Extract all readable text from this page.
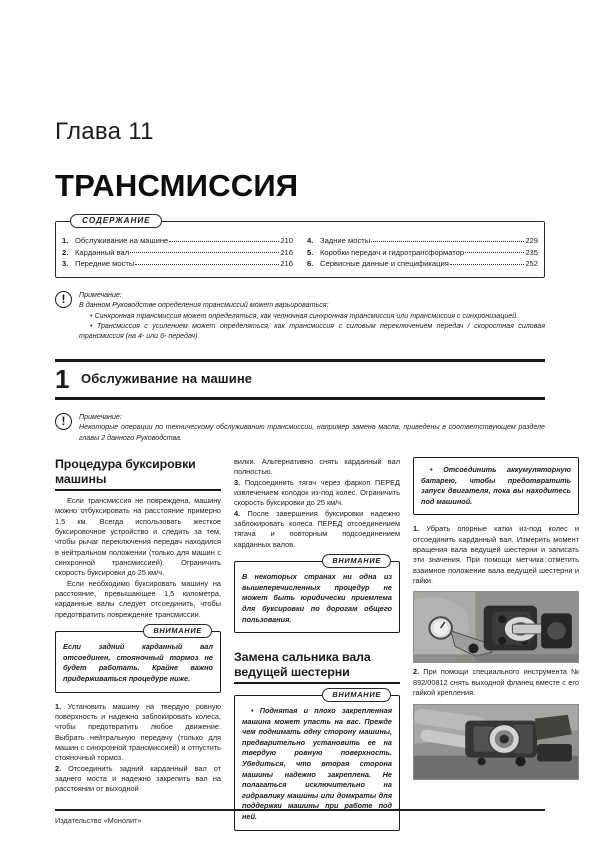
Глава 11
ТРАНСМИССИЯ
СОДЕРЖАНИЕ
1. Обслуживание на машине	210
2. Карданный вал	216
3. Передние мосты	216
4. Задние мосты	229
5. Коробки передач и гидротрансформатор	235
6. Сервисные данные и спецификация	252
!	Примечание:

В данном Руководстве определения трансмиссий может варьироваться:

• Синхронная трансмиссия может определяться, как челночная синхронная трансмиссия или трансмиссия с синхронизацией.

• Трансмиссия с усилением может определяться, как трансмиссия с силовым переключением передач / скоростная силовая трансмиссия (на 4- или 6- передач).

1 Обслуживание на машине
!	Примечание:

Некоторые операции по техническому обслуживанию трансмиссии, например замена масла, приведены в соответствующем разделе главы 2 данного Руководства.

Процедура буксировки машины

Если трансмиссия не повреждена, машину можно отбуксировать на расстояние примерно 1,5 км. Всегда использовать жесткое буксировочное устройство и следить за тем, чтобы рычаг переключения передач находился в нейтральном положении (только для машин с синхронной трансмиссией). Ограничить скорость буксировки до 25 км/ч.

Если необходимо буксировать машину на расстояние, превышающее 1,5 километра, карданные валы следует отсоединить, чтобы предотвратить повреждение трансмиссии.

ВНИМАНИЕ

Если задний карданный вал отсоединен, стояночный тормоз не будет работать. Крайне важно придерживаться процедуре ниже.

1. Установить машину на твердую ровную поверхность и надежно заблокировать колеса, чтобы предотвратить любое движение. Выбрать нейтральную передачу (только для машин с синхронной трансмиссией) и отпустить стояночный тормоз.

2. Отсоединить задний карданный вал от заднего моста и надежно закрепить вал на расстоянии от выходной

вилки. Альтернативно снять карданный вал полностью.

3. Подсоединить тягач через фаркоп ПЕРЕД извлечением колодок из-под колес. Ограничить скорость буксировки до 25 км/ч.

4. После завершения буксировки надежно заблокировать колеса ПЕРЕД отсоединением тягача и повторным подсоединением карданных валов.

ВНИМАНИЕ

В некоторых странах ни одна из вышеперечисленных процедур не может быть юридически приемлема для буксировки по дорогам общего пользования.

Замена сальника вала ведущей шестерни
ВНИМАНИЕ

• Поднятая и плохо закрепленная машина может упасть на вас. Прежде чем поднимать одну сторону машины, предварительно установить ее на твердую ровную поверхность. Убедиться, что вторая сторона машины надежно закреплена. Не полагаться исключительно на гидравлику машины или домкраты для поддержки машины при работе под ней.

• Отсоединить аккумуляторную батарею, чтобы предотвратить запуск двигателя, пока вы находитесь под машиной.

1. Убрать опорные катки из-под колес и отсоединить карданный вал. Измерить момент вращения вала ведущей шестерни и записать эти значения. При помощи метчика отметить взаимное положение вала ведущей шестерни и гайки.

2. При помощи специального инструмента № 892/00812 снять выходной фланец вместе с его гайкой крепления.

Издательство «Монолит»
